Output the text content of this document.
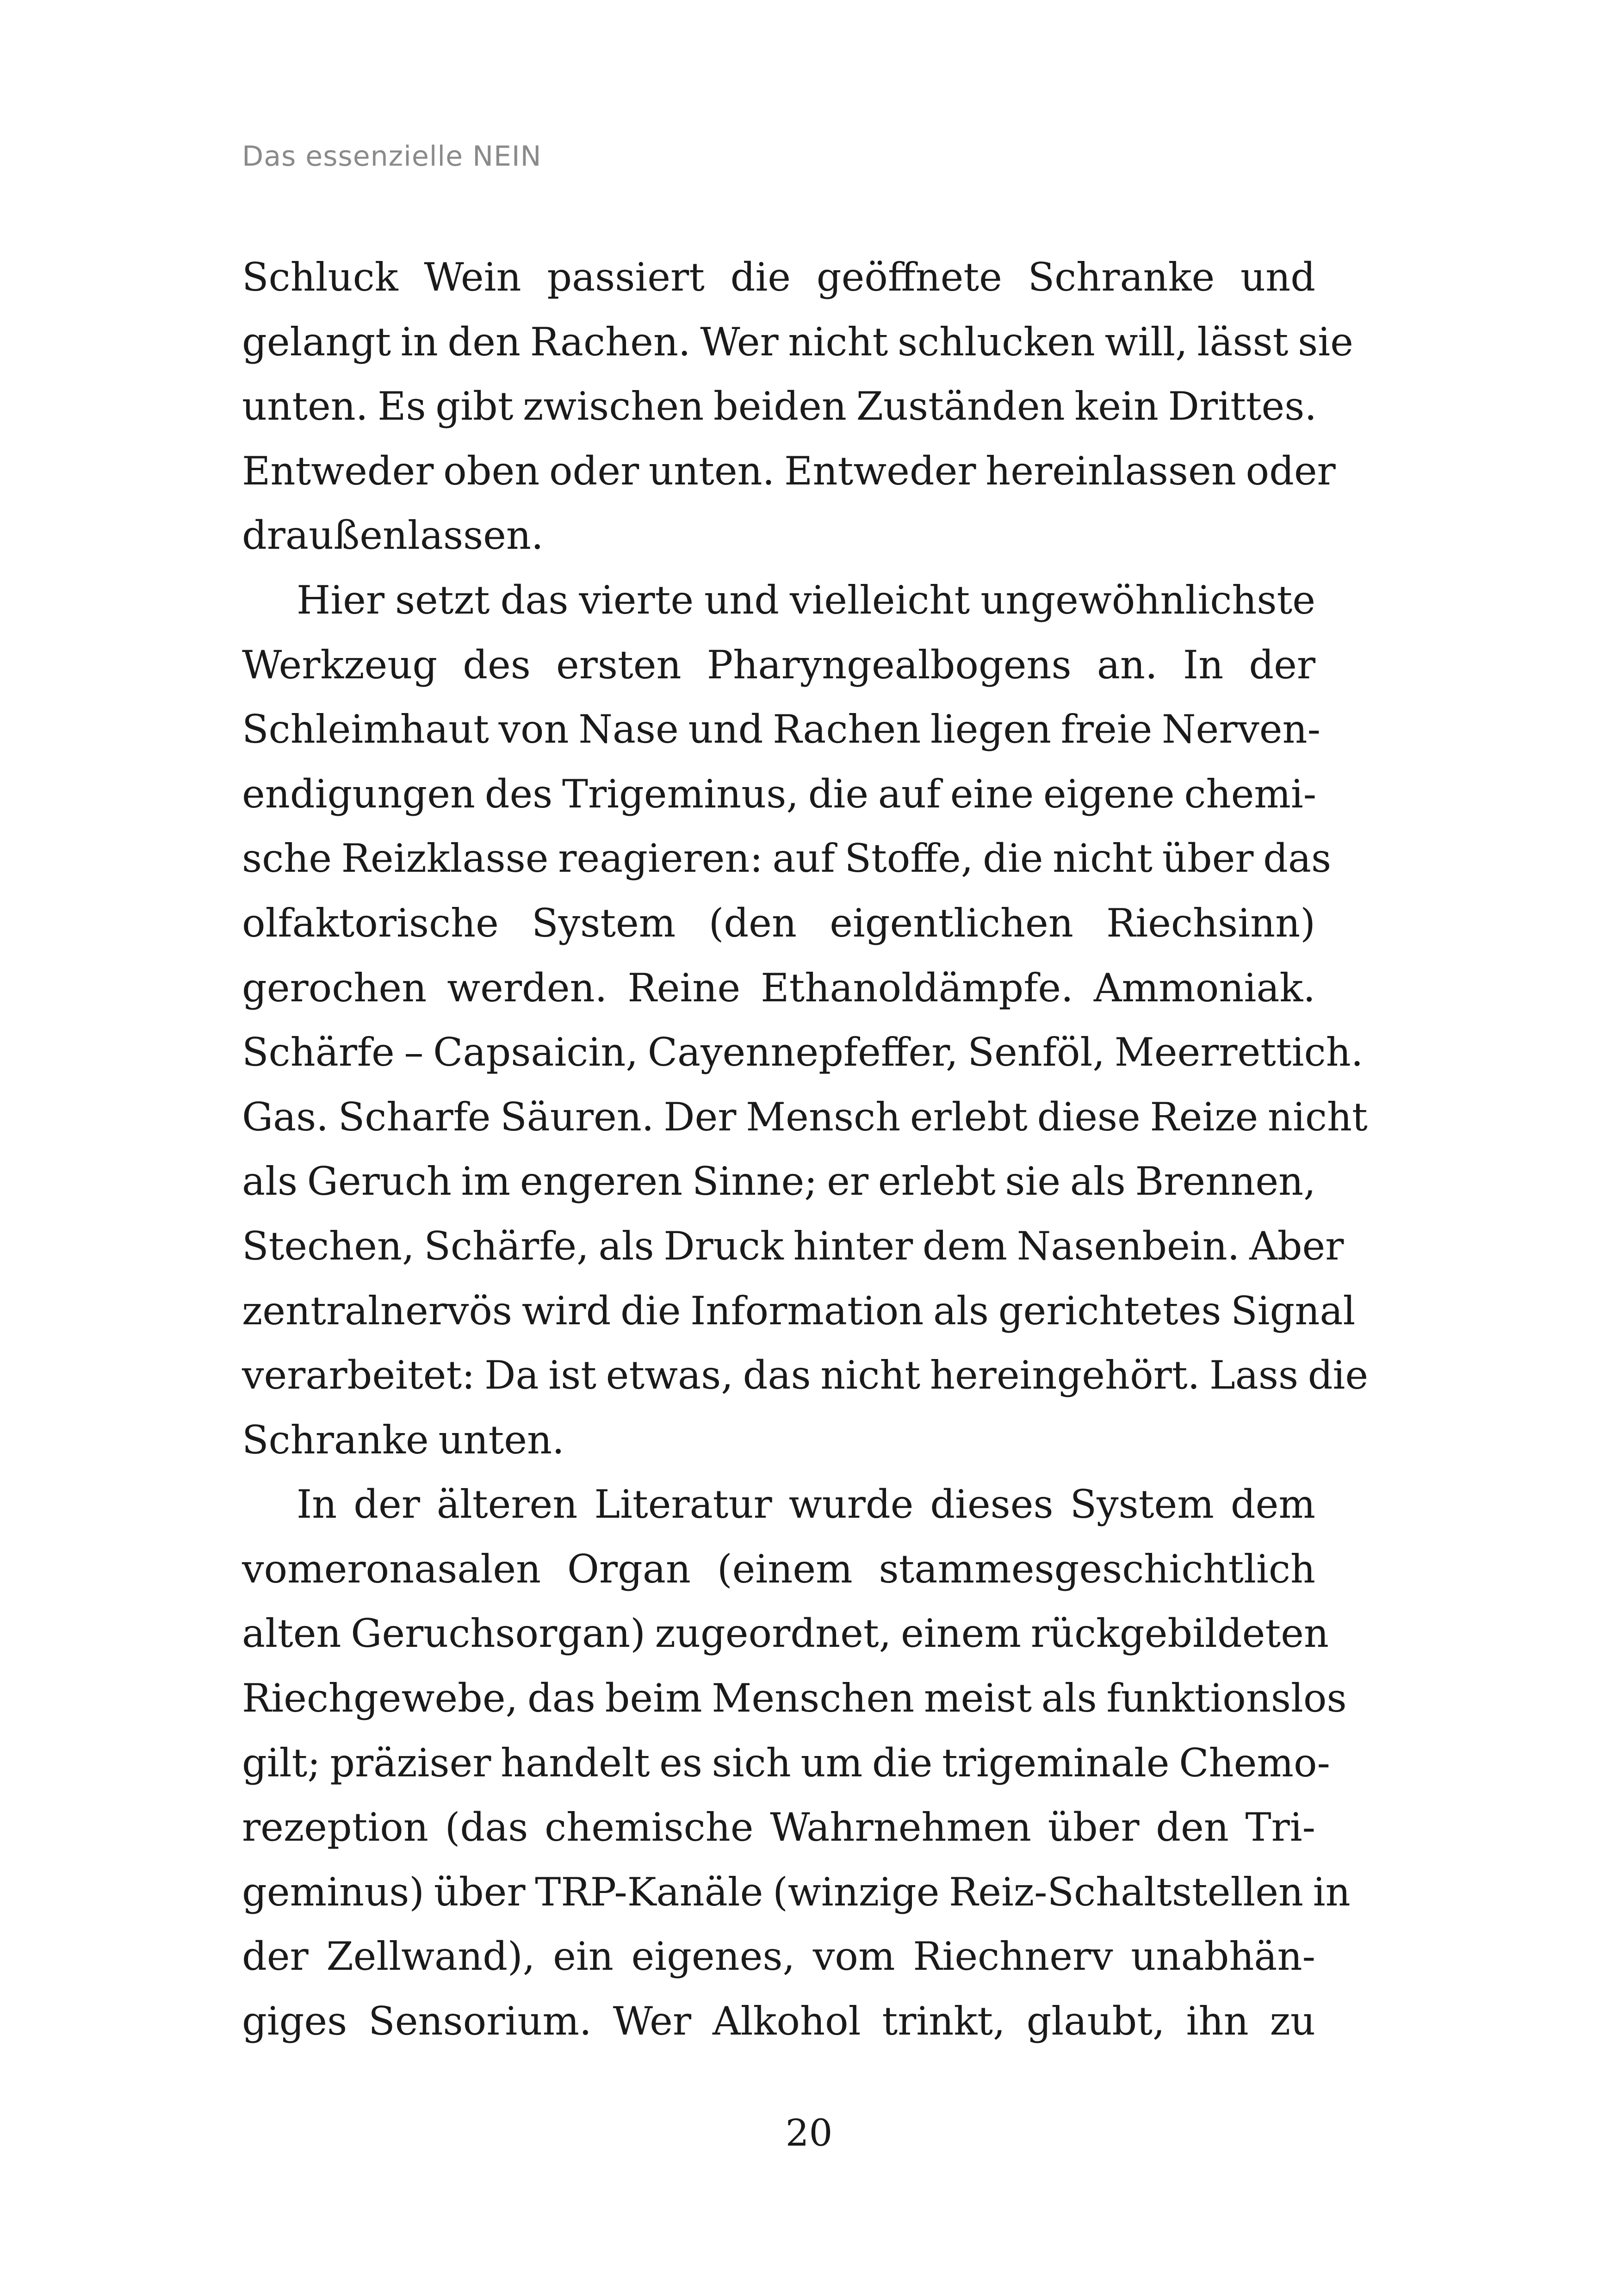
Das essenzielle NEIN
Schluck Wein passiert die geöffnete Schranke und
gelangt in den Rachen. Wer nicht schlucken will, lässt sie
unten. Es gibt zwischen beiden Zuständen kein Drittes.
Entweder oben oder unten. Entweder hereinlassen oder
draußenlassen.
Hier setzt das vierte und vielleicht ungewöhnlichste
Werkzeug des ersten Pharyngealbogens an. In der
Schleimhaut von Nase und Rachen liegen freie Nerven-
endigungen des Trigeminus, die auf eine eigene chemi-
sche Reizklasse reagieren: auf Stoffe, die nicht über das
olfaktorische System (den eigentlichen Riechsinn)
gerochen werden. Reine Ethanoldämpfe. Ammoniak.
Schärfe – Capsaicin, Cayennepfeffer, Senföl, Meerrettich.
Gas. Scharfe Säuren. Der Mensch erlebt diese Reize nicht
als Geruch im engeren Sinne; er erlebt sie als Brennen,
Stechen, Schärfe, als Druck hinter dem Nasenbein. Aber
zentralnervös wird die Information als gerichtetes Signal
verarbeitet: Da ist etwas, das nicht hereingehört. Lass die
Schranke unten.
In der älteren Literatur wurde dieses System dem
vomeronasalen Organ (einem stammesgeschichtlich
alten Geruchsorgan) zugeordnet, einem rückgebildeten
Riechgewebe, das beim Menschen meist als funktionslos
gilt; präziser handelt es sich um die trigeminale Chemo-
rezeption (das chemische Wahrnehmen über den Tri-
geminus) über TRP-Kanäle (winzige Reiz-Schaltstellen in
der Zellwand), ein eigenes, vom Riechnerv unabhän-
giges Sensorium. Wer Alkohol trinkt, glaubt, ihn zu
20
